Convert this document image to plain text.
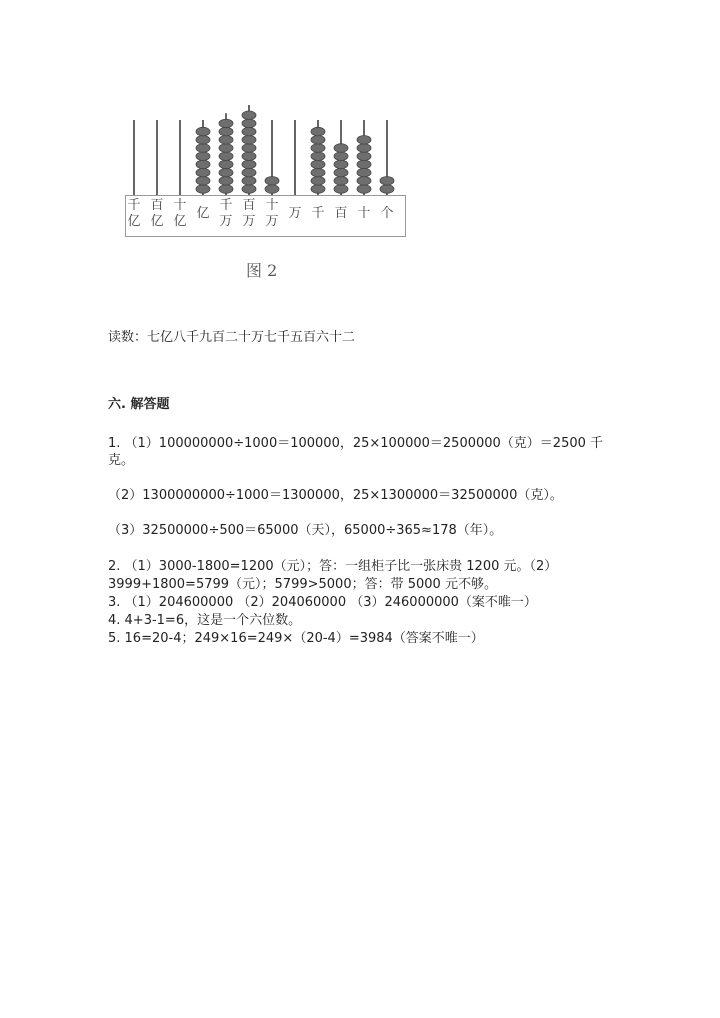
千
亿
百
亿
十
亿
亿
千
万
百
万
十
万
万 千 百 十 个
图 2
读数：七亿八千九百二十万七千五百六十二
六. 解答题
1. （1）100000000÷1000＝100000，25×100000＝2500000（克）＝2500 千
克。
（2）1300000000÷1000＝1300000，25×1300000＝32500000（克）。
（3）32500000÷500＝65000（天），65000÷365≈178（年）。
2. （1）3000-1800=1200（元）；答：一组柜子比一张床贵 1200 元。（2）
3999+1800=5799（元）；5799>5000；答：带 5000 元不够。
3. （1）204600000 （2）204060000 （3）246000000（案不唯一）
4. 4+3-1=6，这是一个六位数。
5. 16=20-4；249×16=249×（20-4）=3984（答案不唯一）
